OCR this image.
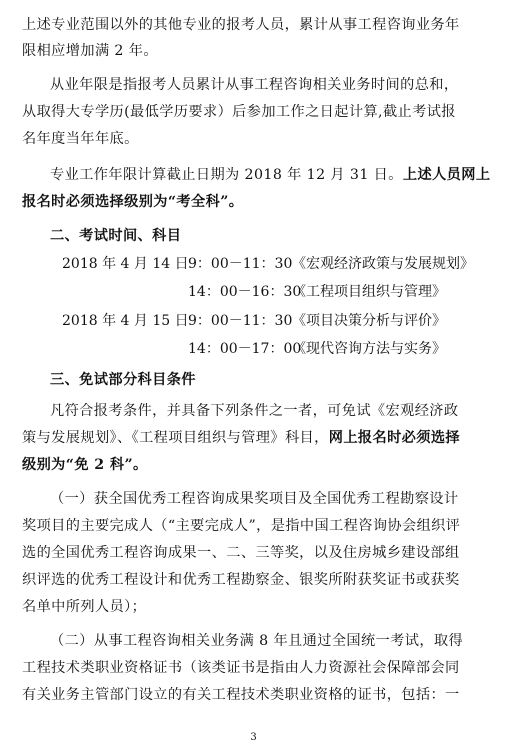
上述专业范围以外的其他专业的报考人员，累计从事工程咨询业务年
限相应增加满 2 年。
从业年限是指报考人员累计从事工程咨询相关业务时间的总和，
从取得大专学历(最低学历要求）后参加工作之日起计算,截止考试报
名年度当年年底。
专业工作年限计算截止日期为 2018 年 12 月 31 日。上述人员网上
报名时必须选择级别为“考全科”。
二、考试时间、科目
2018 年 4 月 14 日 9：00－11：30 《宏观经济政策与发展规划》
14：00－16：30
《工程项目组织与管理》
2018 年 4 月 15 日 9：00－11：30 《项目决策分析与评价》
14：00－17：00
《现代咨询方法与实务》
三、免试部分科目条件
凡符合报考条件，并具备下列条件之一者，可免试《宏观经济政
策与发展规划》、《工程项目组织与管理》科目，网上报名时必须选择
级别为“免 2 科”。
（一）获全国优秀工程咨询成果奖项目及全国优秀工程勘察设计
奖项目的主要完成人（“主要完成人”，是指中国工程咨询协会组织评
选的全国优秀工程咨询成果一、二、三等奖，以及住房城乡建设部组
织评选的优秀工程设计和优秀工程勘察金、银奖所附获奖证书或获奖
名单中所列人员）；
（二）从事工程咨询相关业务满 8 年且通过全国统一考试，取得
工程技术类职业资格证书（该类证书是指由人力资源社会保障部会同
有关业务主管部门设立的有关工程技术类职业资格的证书，包括：一
3
